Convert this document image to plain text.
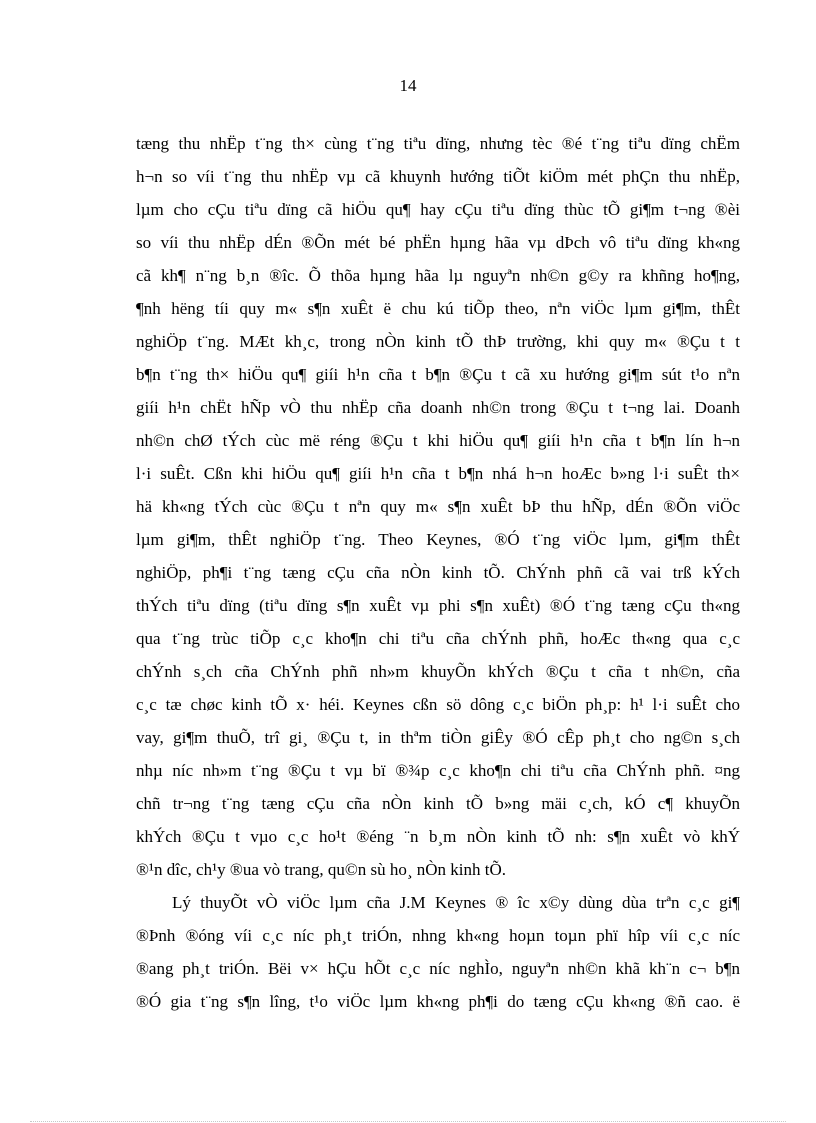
14
tæng thu nhËp t¨ng th× cùng t¨ng tiªu dïng, nhưng tèc ®é t¨ng tiªu dïng chËm
h¬n so víi t¨ng thu nhËp vµ cã khuynh hướng tiÕt kiÖm mét phÇn thu nhËp,
lµm cho cÇu tiªu dïng cã hiÖu qu¶ hay cÇu tiªu dïng thùc tÕ gi¶m t¬ng ®èi
so víi thu nhËp dÉn ®Õn mét bé phËn hµng hãa vµ dÞch vô tiªu dïng kh«ng
cã kh¶ n¨ng b¸n ®îc. Õ thõa hµng hãa lµ nguyªn nh©n g©y ra khñng ho¶ng,
¶nh hëng tíi quy m« s¶n xuÊt ë chu kú tiÕp theo, nªn viÖc lµm gi¶m, thÊt
nghiÖp t¨ng. MÆt kh¸c, trong nÒn kinh tÕ thÞ trường, khi quy m« ®Çu t t
b¶n t¨ng th× hiÖu qu¶ giíi h¹n cña t b¶n ®Çu t cã xu hướng gi¶m sút t¹o nªn
giíi h¹n chËt hÑp vÒ thu nhËp cña doanh nh©n trong ®Çu t t¬ng lai. Doanh
nh©n chØ tÝch cùc më réng ®Çu t khi hiÖu qu¶ giíi h¹n cña t b¶n lín h¬n
l·i suÊt. Cßn khi hiÖu qu¶ giíi h¹n cña t b¶n nhá h¬n hoÆc b»ng l·i suÊt th×
hä kh«ng tÝch cùc ®Çu t nªn quy m« s¶n xuÊt bÞ thu hÑp, dÉn ®Õn viÖc
lµm gi¶m, thÊt nghiÖp t¨ng. Theo Keynes, ®Ó t¨ng viÖc lµm, gi¶m thÊt
nghiÖp, ph¶i t¨ng tæng cÇu cña nÒn kinh tÕ. ChÝnh phñ cã vai trß kÝch
thÝch tiªu dïng (tiªu dïng s¶n xuÊt vµ phi s¶n xuÊt) ®Ó t¨ng tæng cÇu th«ng
qua t¨ng trùc tiÕp c¸c kho¶n chi tiªu cña chÝnh phñ, hoÆc th«ng qua c¸c
chÝnh s¸ch cña ChÝnh phñ nh»m khuyÕn khÝch ®Çu t cña t nh©n, cña
c¸c tæ chøc kinh tÕ x· héi. Keynes cßn sö dông c¸c biÖn ph¸p: h¹ l·i suÊt cho
vay, gi¶m thuÕ, trî gi¸ ®Çu t, in thªm tiÒn giÊy ®Ó cÊp ph¸t cho ng©n s¸ch
nhµ níc nh»m t¨ng ®Çu t vµ bï ®¾p c¸c kho¶n chi tiªu cña ChÝnh phñ. ¤ng
chñ tr¬ng t¨ng tæng cÇu cña nÒn kinh tÕ b»ng mäi c¸ch, kÓ c¶ khuyÕn
khÝch ®Çu t vµo c¸c ho¹t ®éng ¨n b¸m nÒn kinh tÕ nh: s¶n xuÊt vò khÝ
®¹n dîc, ch¹y ®ua vò trang, qu©n sù ho¸ nÒn kinh tÕ.
Lý thuyÕt vÒ viÖc lµm cña J.M Keynes ® îc x©y dùng dùa trªn c¸c gi¶
®Þnh ®óng víi c¸c níc ph¸t triÓn, nhng kh«ng hoµn toµn phï hîp víi c¸c níc
®ang ph¸t triÓn. Bëi v× hÇu hÕt c¸c níc nghÌo, nguyªn nh©n khã kh¨n c¬ b¶n
®Ó gia t¨ng s¶n lîng, t¹o viÖc lµm kh«ng ph¶i do tæng cÇu kh«ng ®ñ cao. ë
